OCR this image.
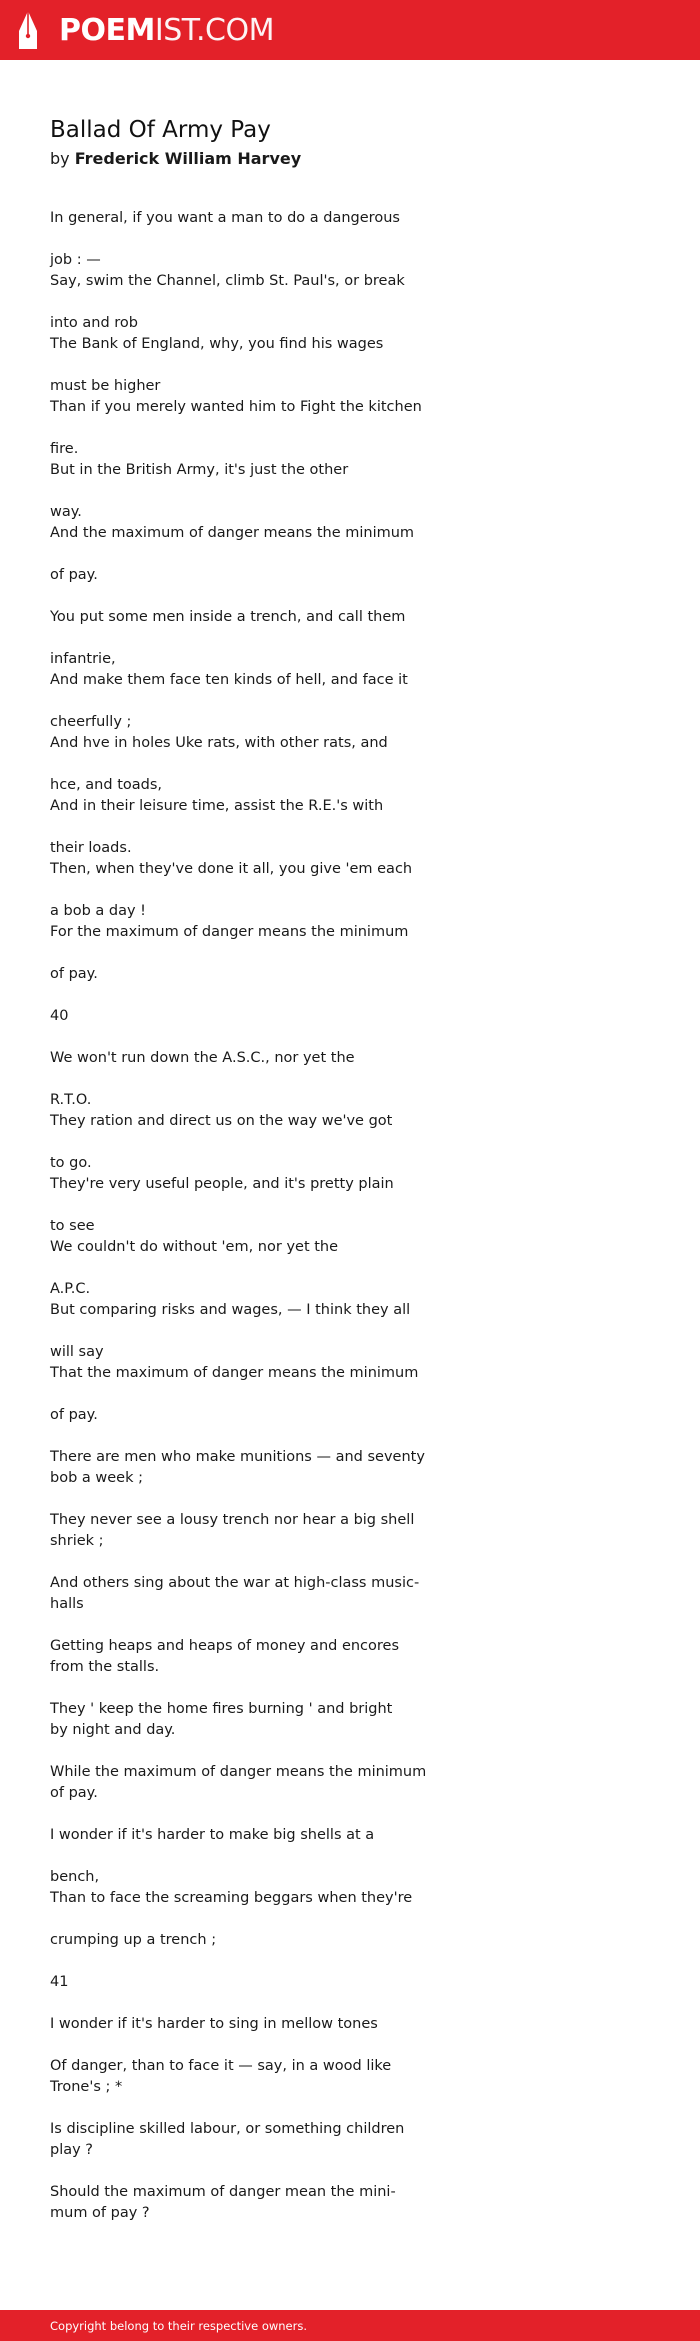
POEMIST.COM
Ballad Of Army Pay
by Frederick William Harvey
In general, if you want a man to do a dangerous
job : —
Say, swim the Channel, climb St. Paul's, or break
into and rob
The Bank of England, why, you find his wages
must be higher
Than if you merely wanted him to Fight the kitchen
fire.
But in the British Army, it's just the other
way.
And the maximum of danger means the minimum
of pay.
You put some men inside a trench, and call them
infantrie,
And make them face ten kinds of hell, and face it
cheerfully ;
And hve in holes Uke rats, with other rats, and
hce, and toads,
And in their leisure time, assist the R.E.'s with
their loads.
Then, when they've done it all, you give 'em each
a bob a day !
For the maximum of danger means the minimum
of pay.
40
We won't run down the A.S.C., nor yet the
R.T.O.
They ration and direct us on the way we've got
to go.
They're very useful people, and it's pretty plain
to see
We couldn't do without 'em, nor yet the
A.P.C.
But comparing risks and wages, — I think they all
will say
That the maximum of danger means the minimum
of pay.
There are men who make munitions — and seventy
bob a week ;
They never see a lousy trench nor hear a big shell
shriek ;
And others sing about the war at high-class music-
halls
Getting heaps and heaps of money and encores
from the stalls.
They ' keep the home fires burning ' and bright
by night and day.
While the maximum of danger means the minimum
of pay.
I wonder if it's harder to make big shells at a
bench,
Than to face the screaming beggars when they're
crumping up a trench ;
41
I wonder if it's harder to sing in mellow tones
Of danger, than to face it — say, in a wood like
Trone's ; *
Is discipline skilled labour, or something children
play ?
Should the maximum of danger mean the mini-
mum of pay ?
Copyright belong to their respective owners.
